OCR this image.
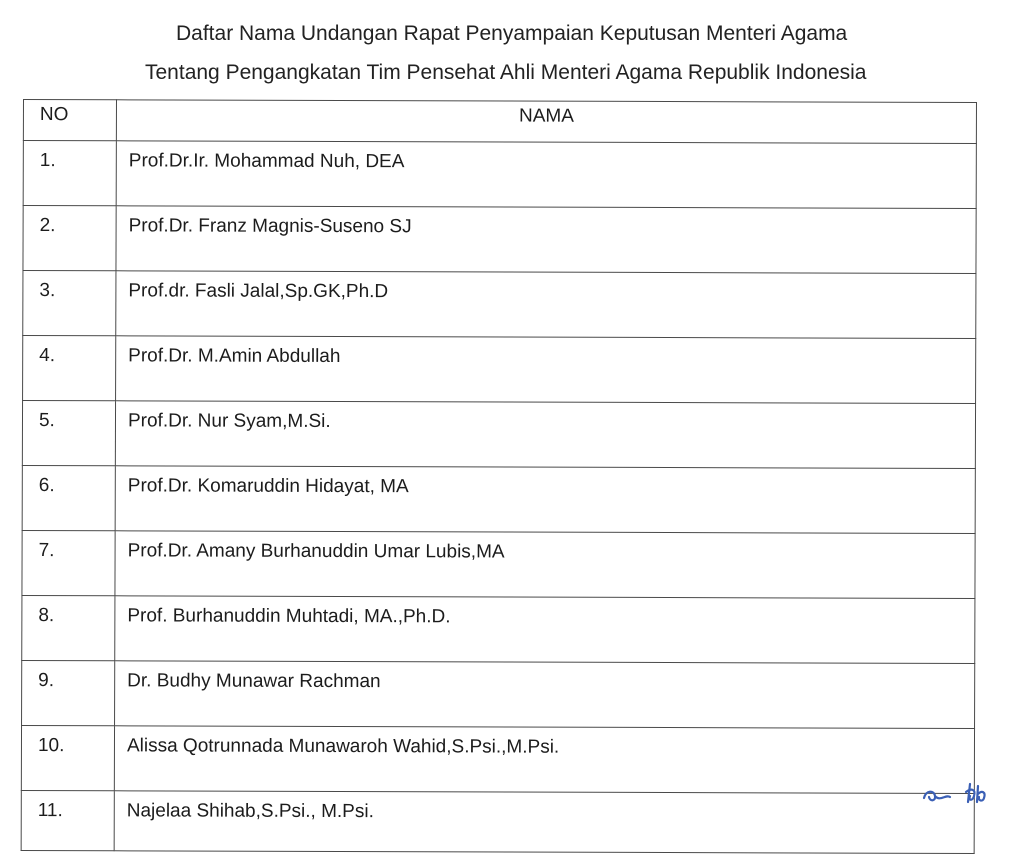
Daftar Nama Undangan Rapat Penyampaian Keputusan Menteri Agama
Tentang Pengangkatan Tim Pensehat Ahli Menteri Agama Republik Indonesia
NO	NAMA
1.	Prof.Dr.Ir. Mohammad Nuh, DEA
2.	Prof.Dr. Franz Magnis-Suseno SJ
3.	Prof.dr. Fasli Jalal,Sp.GK,Ph.D
4.	Prof.Dr. M.Amin Abdullah
5.	Prof.Dr. Nur Syam,M.Si.
6.	Prof.Dr. Komaruddin Hidayat, MA
7.	Prof.Dr. Amany Burhanuddin Umar Lubis,MA
8.	Prof. Burhanuddin Muhtadi, MA.,Ph.D.
9.	Dr. Budhy Munawar Rachman
10.	Alissa Qotrunnada Munawaroh Wahid,S.Psi.,M.Psi.
11.	Najelaa Shihab,S.Psi., M.Psi.
